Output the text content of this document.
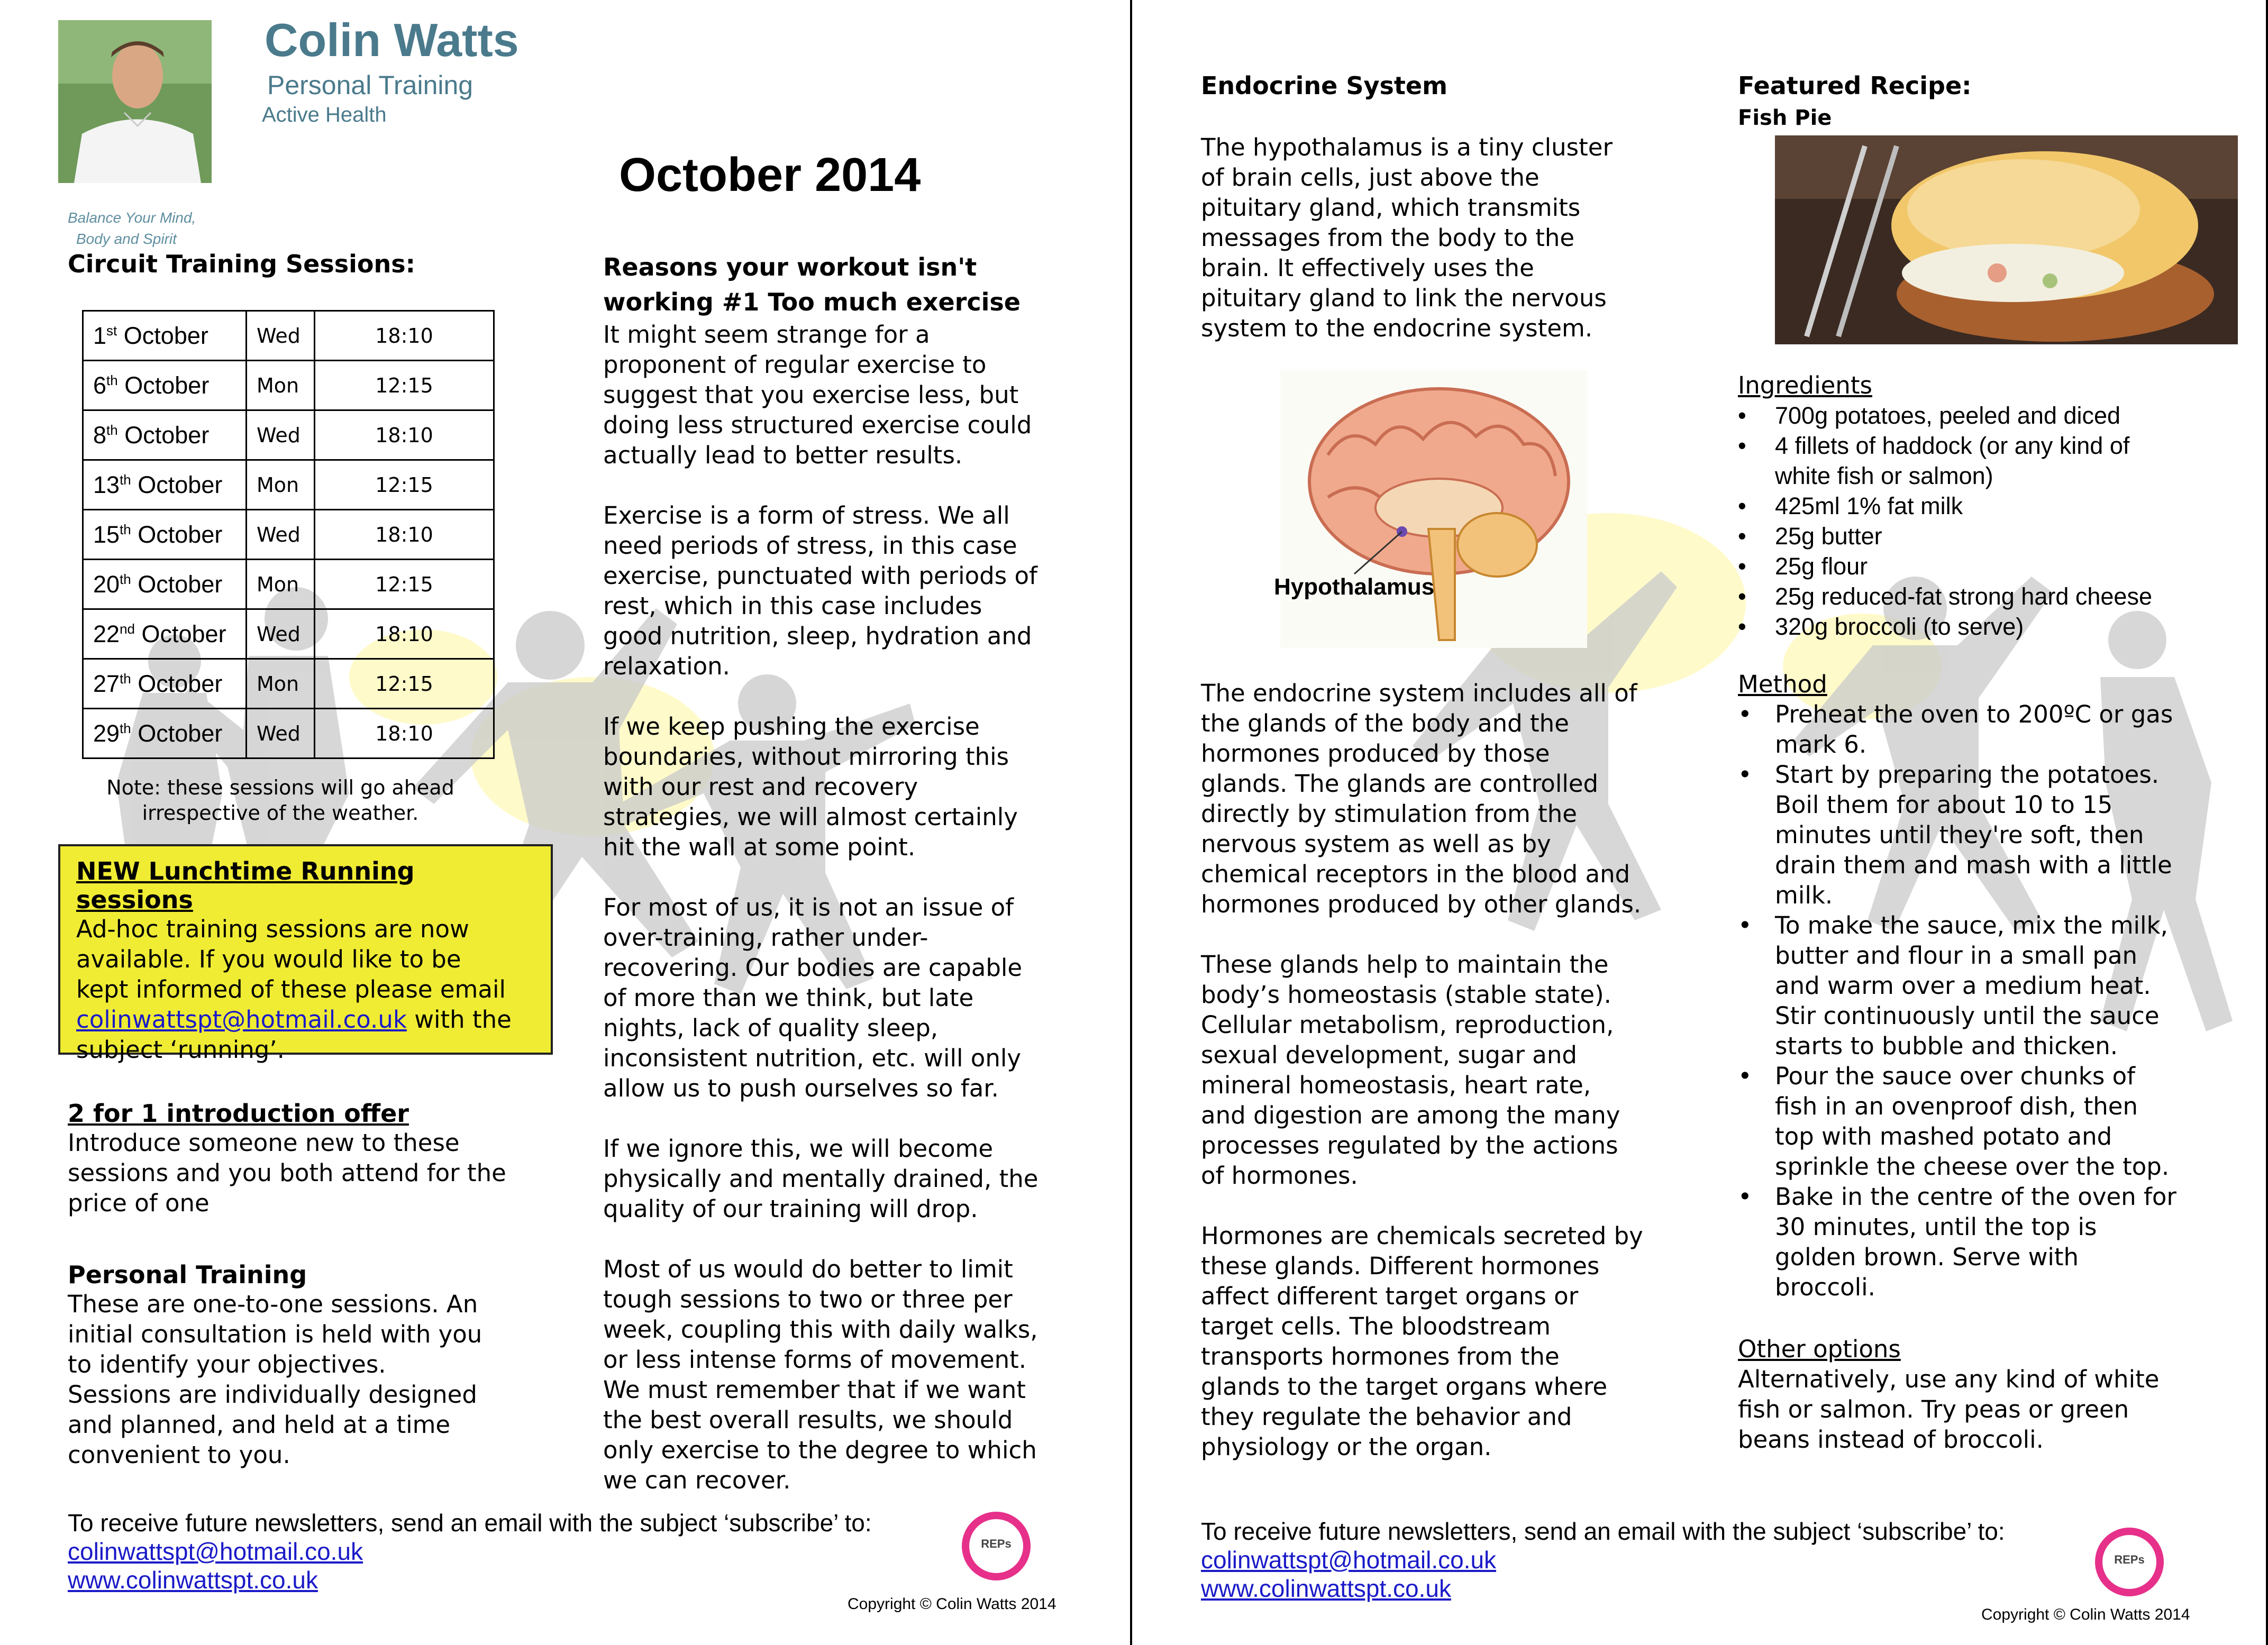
Colin Watts
Personal Training
Active Health
Balance Your Mind,
Body and Spirit
October 2014
Circuit Training Sessions:
1st October	Wed	18:10
6th October	Mon	12:15
8th October	Wed	18:10
13th October	Mon	12:15
15th October	Wed	18:10
20th October	Mon	12:15
22nd October	Wed	18:10
27th October	Mon	12:15
29th October	Wed	18:10
Note: these sessions will go ahead
irrespective of the weather.
NEW Lunchtime Running sessions
Ad-hoc training sessions are now
available. If you would like to be
kept informed of these please email
colinwattspt@hotmail.co.uk with the
subject ‘running’.
2 for 1 introduction offer
Introduce someone new to these
sessions and you both attend for the
price of one
Personal Training
These are one-to-one sessions. An
initial consultation is held with you
to identify your objectives.
Sessions are individually designed
and planned, and held at a time
convenient to you.
Reasons your workout isn't
working #1 Too much exercise
It might seem strange for a
proponent of regular exercise to
suggest that you exercise less, but
doing less structured exercise could
actually lead to better results.
Exercise is a form of stress. We all
need periods of stress, in this case
exercise, punctuated with periods of
rest, which in this case includes
good nutrition, sleep, hydration and
relaxation.
If we keep pushing the exercise
boundaries, without mirroring this
with our rest and recovery
strategies, we will almost certainly
hit the wall at some point.
For most of us, it is not an issue of
over-training, rather under-
recovering. Our bodies are capable
of more than we think, but late
nights, lack of quality sleep,
inconsistent nutrition, etc. will only
allow us to push ourselves so far.
If we ignore this, we will become
physically and mentally drained, the
quality of our training will drop.
Most of us would do better to limit
tough sessions to two or three per
week, coupling this with daily walks,
or less intense forms of movement.
We must remember that if we want
the best overall results, we should
only exercise to the degree to which
we can recover.
To receive future newsletters, send an email with the subject ‘subscribe’ to:
colinwattspt@hotmail.co.uk
www.colinwattspt.co.uk
REPs
Copyright © Colin Watts 2014
Endocrine System
The hypothalamus is a tiny cluster
of brain cells, just above the
pituitary gland, which transmits
messages from the body to the
brain. It effectively uses the
pituitary gland to link the nervous
system to the endocrine system.
Hypothalamus
The endocrine system includes all of
the glands of the body and the
hormones produced by those
glands. The glands are controlled
directly by stimulation from the
nervous system as well as by
chemical receptors in the blood and
hormones produced by other glands.
These glands help to maintain the
body’s homeostasis (stable state).
Cellular metabolism, reproduction,
sexual development, sugar and
mineral homeostasis, heart rate,
and digestion are among the many
processes regulated by the actions
of hormones.
Hormones are chemicals secreted by
these glands. Different hormones
affect different target organs or
target cells. The bloodstream
transports hormones from the
glands to the target organs where
they regulate the behavior and
physiology or the organ.
Featured Recipe:
Fish Pie
Ingredients
• 700g potatoes, peeled and diced
• 4 fillets of haddock (or any kind of
white fish or salmon)
• 425ml 1% fat milk
• 25g butter
• 25g flour
• 25g reduced-fat strong hard cheese
• 320g broccoli (to serve)
Method
• Preheat the oven to 200ºC or gas
mark 6.
• Start by preparing the potatoes.
Boil them for about 10 to 15
minutes until they're soft, then
drain them and mash with a little
milk.
• To make the sauce, mix the milk,
butter and flour in a small pan
and warm over a medium heat.
Stir continuously until the sauce
starts to bubble and thicken.
• Pour the sauce over chunks of
fish in an ovenproof dish, then
top with mashed potato and
sprinkle the cheese over the top.
• Bake in the centre of the oven for
30 minutes, until the top is
golden brown. Serve with
broccoli.
Other options
Alternatively, use any kind of white
fish or salmon. Try peas or green
beans instead of broccoli.
To receive future newsletters, send an email with the subject ‘subscribe’ to:
colinwattspt@hotmail.co.uk
www.colinwattspt.co.uk
REPs
Copyright © Colin Watts 2014
